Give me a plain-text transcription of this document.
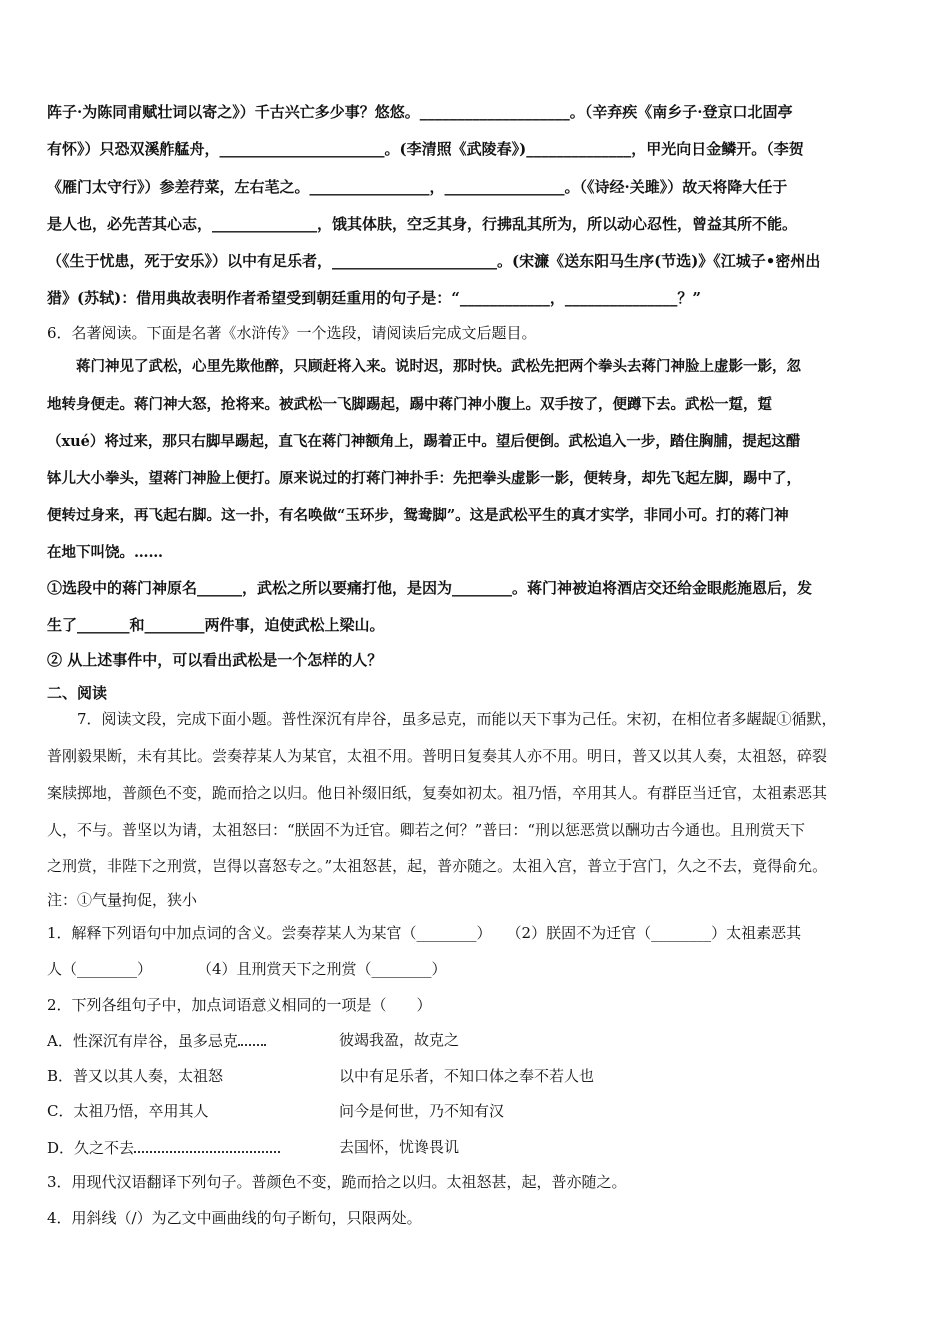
阵子·为陈同甫赋壮词以寄之》）千古兴亡多少事？悠悠。____________________。（辛弃疾《南乡子·登京口北固亭
有怀》）只恐双溪舴艋舟，______________________。(李清照《武陵春》)______________，甲光向日金鳞开。（李贺
《雁门太守行》）参差荇菜，左右芼之。________________，________________。（《诗经·关雎》）故天将降大任于
是人也，必先苦其心志，______________，饿其体肤，空乏其身，行拂乱其所为，所以动心忍性，曾益其所不能。
（《生于忧患，死于安乐》）以中有足乐者，______________________。(宋濂《送东阳马生序(节选)》《江城子•密州出
猎》(苏轼)：借用典故表明作者希望受到朝廷重用的句子是：“____________，_______________？”
6．名著阅读。下面是名著《水浒传》一个选段，请阅读后完成文后题目。
　　蒋门神见了武松，心里先欺他醉，只顾赶将入来。说时迟，那时快。武松先把两个拳头去蒋门神脸上虚影一影，忽
地转身便走。蒋门神大怒，抢将来。被武松一飞脚踢起，踢中蒋门神小腹上。双手按了，便蹲下去。武松一踅，踅
（xué）将过来，那只右脚早踢起，直飞在蒋门神额角上，踢着正中。望后便倒。武松追入一步，踏住胸脯，提起这醋
钵儿大小拳头，望蒋门神脸上便打。原来说过的打蒋门神扑手：先把拳头虚影一影，便转身，却先飞起左脚，踢中了，
便转过身来，再飞起右脚。这一扑，有名唤做“玉环步，鸳鸯脚”。这是武松平生的真才实学，非同小可。打的蒋门神
在地下叫饶。……
①选段中的蒋门神原名______，武松之所以要痛打他，是因为________。蒋门神被迫将酒店交还给金眼彪施恩后，发
生了_______和________两件事，迫使武松上梁山。
② 从上述事件中，可以看出武松是一个怎样的人？
二、阅读
　　7．阅读文段，完成下面小题。普性深沉有岸谷，虽多忌克，而能以天下事为己任。宋初，在相位者多龌龊①循默，
普刚毅果断，未有其比。尝奏荐某人为某官，太祖不用。普明日复奏其人亦不用。明日，普又以其人奏，太祖怒，碎裂
案牍掷地，普颜色不变，跪而拾之以归。他日补缀旧纸，复奏如初太。祖乃悟，卒用其人。有群臣当迁官，太祖素恶其
人，不与。普坚以为请，太祖怒曰：“朕固不为迁官。卿若之何？”普曰：“刑以惩恶赏以酬功古今通也。且刑赏天下
之刑赏，非陛下之刑赏，岂得以喜怒专之。”太祖怒甚，起，普亦随之。太祖入宫，普立于宫门，久之不去，竟得俞允。
注：①气量拘促，狭小
1．解释下列语句中加点词的含义。尝奏荐某人为某官（________）　　（2）朕固不为迁官（________）太祖素恶其
人（________）　　　　（4）且刑赏天下之刑赏（________）
2．下列各组句子中，加点词语意义相同的一项是（　　）
A．性深沉有岸谷，虽多忌克	彼竭我盈，故克之
B．普又以其人奏，太祖怒	以中有足乐者，不知口体之奉不若人也
C．太祖乃悟，卒用其人	问今是何世，乃不知有汉
D．久之不去	去国怀，忧谗畏讥
3．用现代汉语翻译下列句子。普颜色不变，跪而拾之以归。太祖怒甚，起，普亦随之。
4．用斜线（/）为乙文中画曲线的句子断句，只限两处。
